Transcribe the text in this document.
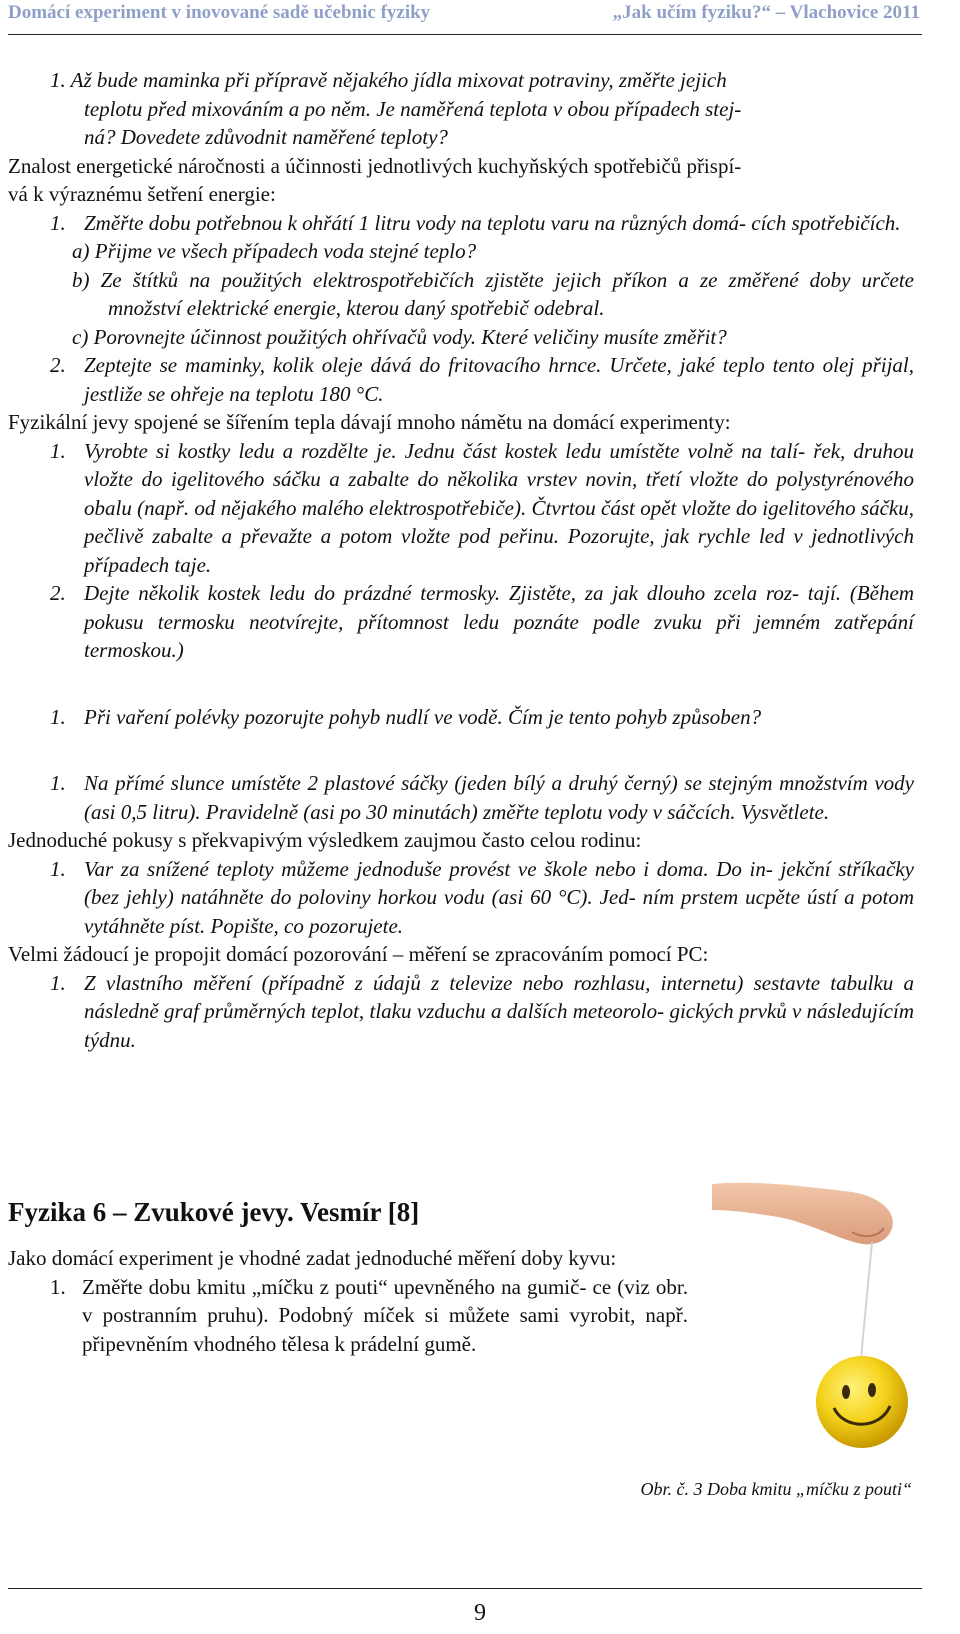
Domácí experiment v inovované sadě učebnic fyziky	„Jak učím fyziku?“ – Vlachovice 2011

1. Až bude maminka při přípravě nějakého jídla mixovat potraviny, změřte jejich
teplotu před mixováním a po něm. Je naměřená teplota v obou případech stej-
ná? Dovedete zdůvodnit naměřené teploty?

Znalost energetické náročnosti a účinnosti jednotlivých kuchyňských spotřebičů přispí-
vá k výraznému šetření energie:

1. Změřte dobu potřebnou k ohřátí 1 litru vody na teplotu varu na různých domá- cích spotřebičích.

a) Přijme ve všech případech voda stejné teplo?

b) Ze štítků na použitých elektrospotřebičích zjistěte jejich příkon a ze změřené doby určete množství elektrické energie, kterou daný spotřebič odebral.

c) Porovnejte účinnost použitých ohřívačů vody. Které veličiny musíte změřit?

2. Zeptejte se maminky, kolik oleje dává do fritovacího hrnce. Určete, jaké teplo tento olej přijal, jestliže se ohřeje na teplotu 180 °C.

Fyzikální jevy spojené se šířením tepla dávají mnoho námětu na domácí experimenty:

1. Vyrobte si kostky ledu a rozdělte je. Jednu část kostek ledu umístěte volně na talí- řek, druhou vložte do igelitového sáčku a zabalte do několika vrstev novin, třetí vložte do polystyrénového obalu (např. od nějakého malého elektrospotřebiče). Čtvrtou část opět vložte do igelitového sáčku, pečlivě zabalte a převažte a potom vložte pod peřinu. Pozorujte, jak rychle led v jednotlivých případech taje.

2. Dejte několik kostek ledu do prázdné termosky. Zjistěte, za jak dlouho zcela roz- tají. (Během pokusu termosku neotvírejte, přítomnost ledu poznáte podle zvuku při jemném zatřepání termoskou.)

1. Při vaření polévky pozorujte pohyb nudlí ve vodě. Čím je tento pohyb způsoben?

1. Na přímé slunce umístěte 2 plastové sáčky (jeden bílý a druhý černý) se stejným množstvím vody (asi 0,5 litru). Pravidelně (asi po 30 minutách) změřte teplotu vody v sáčcích. Vysvětlete.

Jednoduché pokusy s překvapivým výsledkem zaujmou často celou rodinu:

1. Var za snížené teploty můžeme jednoduše provést ve škole nebo i doma. Do in- jekční stříkačky (bez jehly) natáhněte do poloviny horkou vodu (asi 60 °C). Jed- ním prstem ucpěte ústí a potom vytáhněte píst. Popište, co pozorujete.

Velmi žádoucí je propojit domácí pozorování – měření se zpracováním pomocí PC:

1. Z vlastního měření (případně z údajů z televize nebo rozhlasu, internetu) sestavte tabulku a následně graf průměrných teplot, tlaku vzduchu a dalších meteorolo- gických prvků v následujícím týdnu.

Fyzika 6 – Zvukové jevy. Vesmír [8]

Jako domácí experiment je vhodné zadat jednoduché měření doby kyvu:

1. Změřte dobu kmitu „míčku z pouti“ upevněného na gumič- ce (viz obr. v postranním pruhu). Podobný míček si můžete sami vyrobit, např. připevněním vhodného tělesa k prádelní gumě.

Obr. č. 3 Doba kmitu „míčku z pouti“
9
